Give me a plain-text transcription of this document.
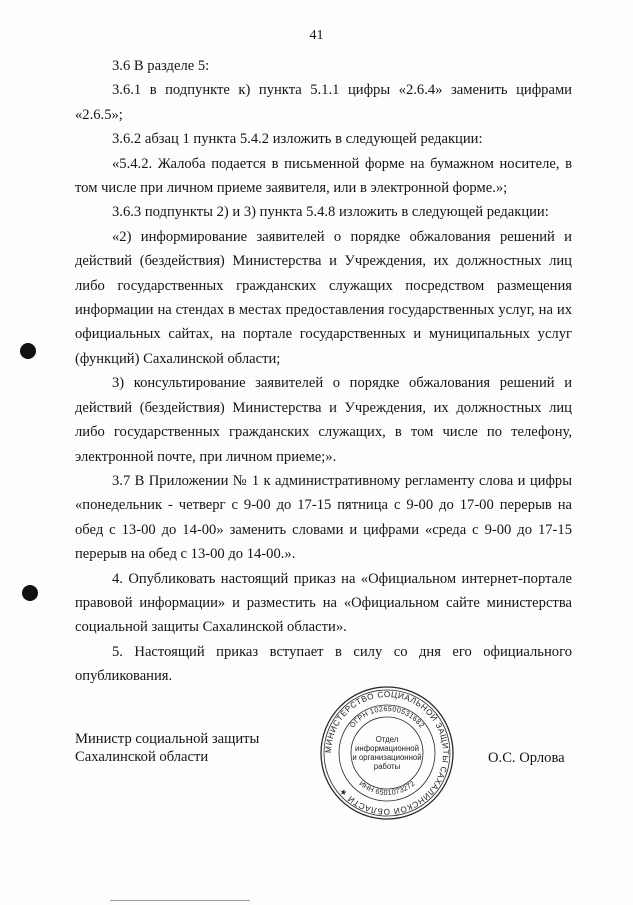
41

3.6 В разделе 5:

3.6.1 в подпункте к) пункта 5.1.1 цифры «2.6.4» заменить цифрами «2.6.5»;

3.6.2 абзац 1 пункта 5.4.2 изложить в следующей редакции:

«5.4.2. Жалоба подается в письменной форме на бумажном носителе, в том числе при личном приеме заявителя, или в электронной форме.»;

3.6.3 подпункты 2) и 3) пункта 5.4.8 изложить в следующей редакции:

«2) информирование заявителей о порядке обжалования решений и действий (бездействия) Министерства и Учреждения, их должностных лиц либо государственных гражданских служащих посредством размещения информации на стендах в местах предоставления государственных услуг, на их официальных сайтах, на портале государственных и муниципальных услуг (функций) Сахалинской области;

3) консультирование заявителей о порядке обжалования решений и действий (бездействия) Министерства и Учреждения, их должностных лиц либо государственных гражданских служащих, в том числе по телефону, электронной почте, при личном приеме;».

3.7 В Приложении № 1 к административному регламенту слова и цифры «понедельник - четверг с 9-00 до 17-15 пятница с 9-00 до 17-00 перерыв на обед с 13-00 до 14-00» заменить словами и цифрами «среда с 9-00 до 17-15 перерыв на обед с 13-00 до 14-00.».

4. Опубликовать настоящий приказ на «Официальном интернет-портале правовой информации» и разместить на «Официальном сайте министерства социальной защиты Сахалинской области».

5. Настоящий приказ вступает в силу со дня его официального опубликования.

Министр социальной защиты
Сахалинской области	МИНИСТЕРСТВО СОЦИАЛЬНОЙ ЗАЩИТЫ САХАЛИНСКОЙ ОБЛАСТИ ★
ОГРН 1026500531682
ИНН 6501073272
Отдел
информационной
и организационной
работы
О.С. Орлова
